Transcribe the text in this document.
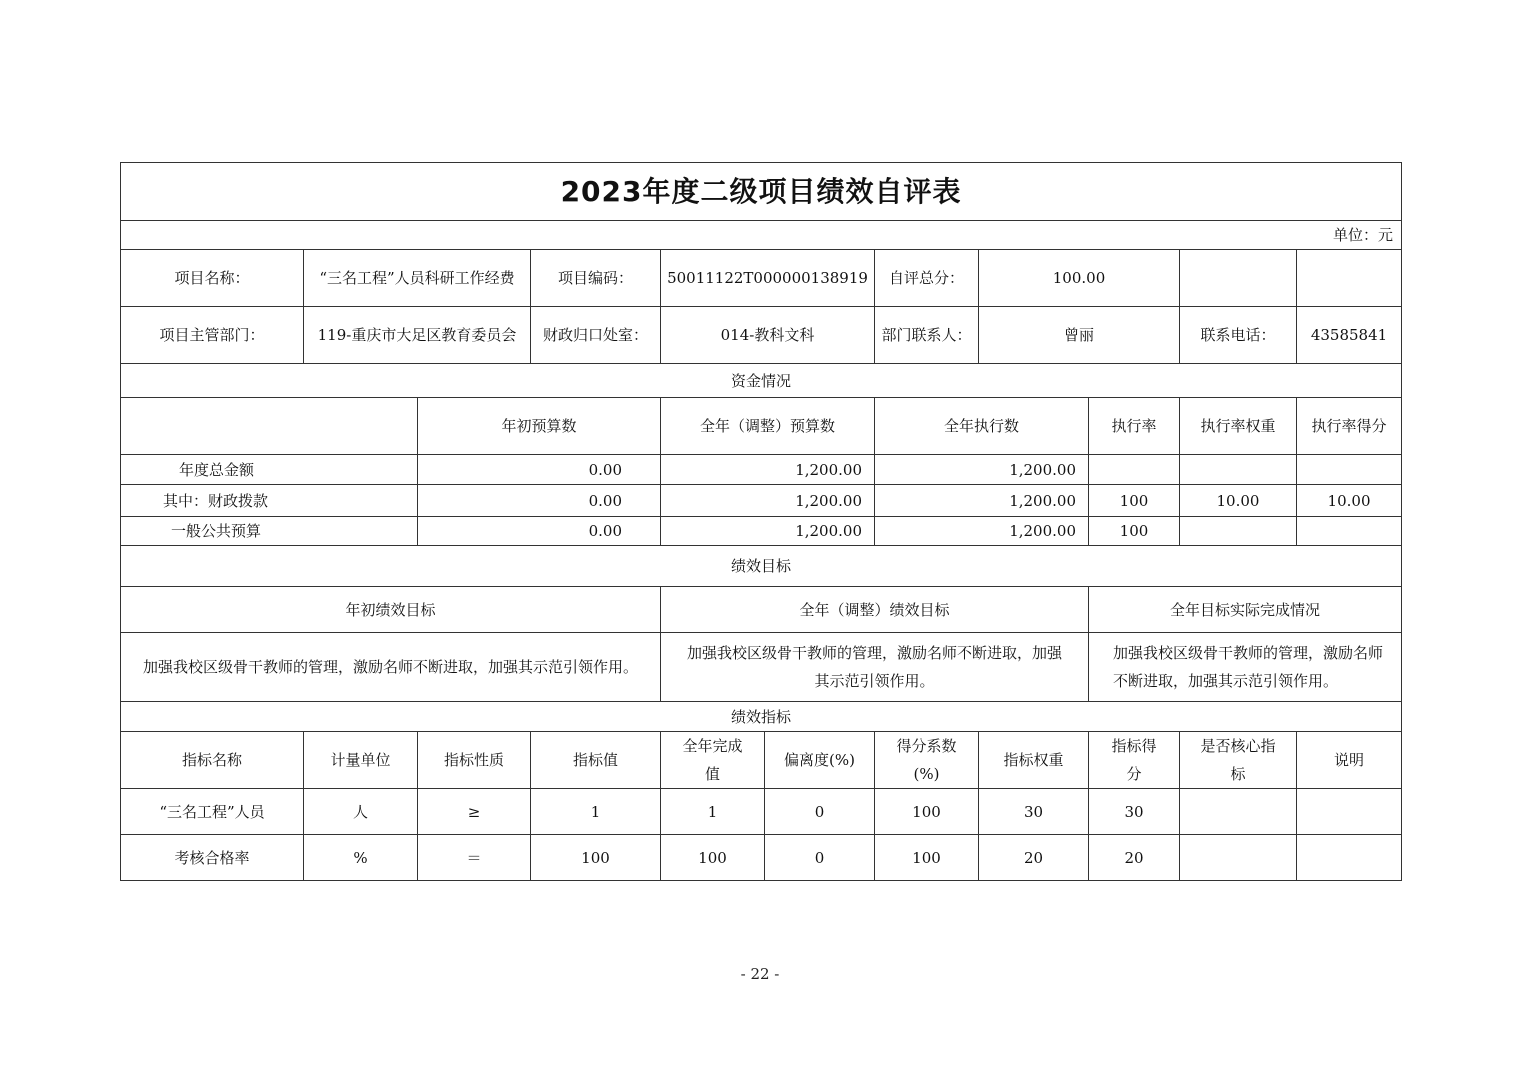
2023年度二级项目绩效自评表										
单位：元										
项目名称：	“三名工程”人员科研工作经费		项目编码：	50011122T000000138919		自评总分：	100.00			
项目主管部门：	119-重庆市大足区教育委员会		财政归口处室：	014-教科文科		部门联系人：	曾丽		联系电话：	43585841
资金情况										
		年初预算数		全年（调整）预算数		全年执行数		执行率	执行率权重	执行率得分
年度总金额		0.00		1,200.00		1,200.00				
其中：财政拨款		0.00		1,200.00		1,200.00		100	10.00	10.00
一般公共预算		0.00		1,200.00		1,200.00		100		
绩效目标										
年初绩效目标				全年（调整）绩效目标				全年目标实际完成情况		
加强我校区级骨干教师的管理，激励名师不断进取，加强其示范引领作用。				加强我校区级骨干教师的管理，激励名师不断进取，加强其示范引领作用。				加强我校区级骨干教师的管理，激励名师不断进取，加强其示范引领作用。		
绩效指标										
指标名称	计量单位	指标性质	指标值	全年完成值	偏离度(%)	得分系数(%)	指标权重	指标得分	是否核心指标	说明
“三名工程”人员	人	≥	1	1	0	100	30	30		
考核合格率	%	＝	100	100	0	100	20	20		
- 22 -
